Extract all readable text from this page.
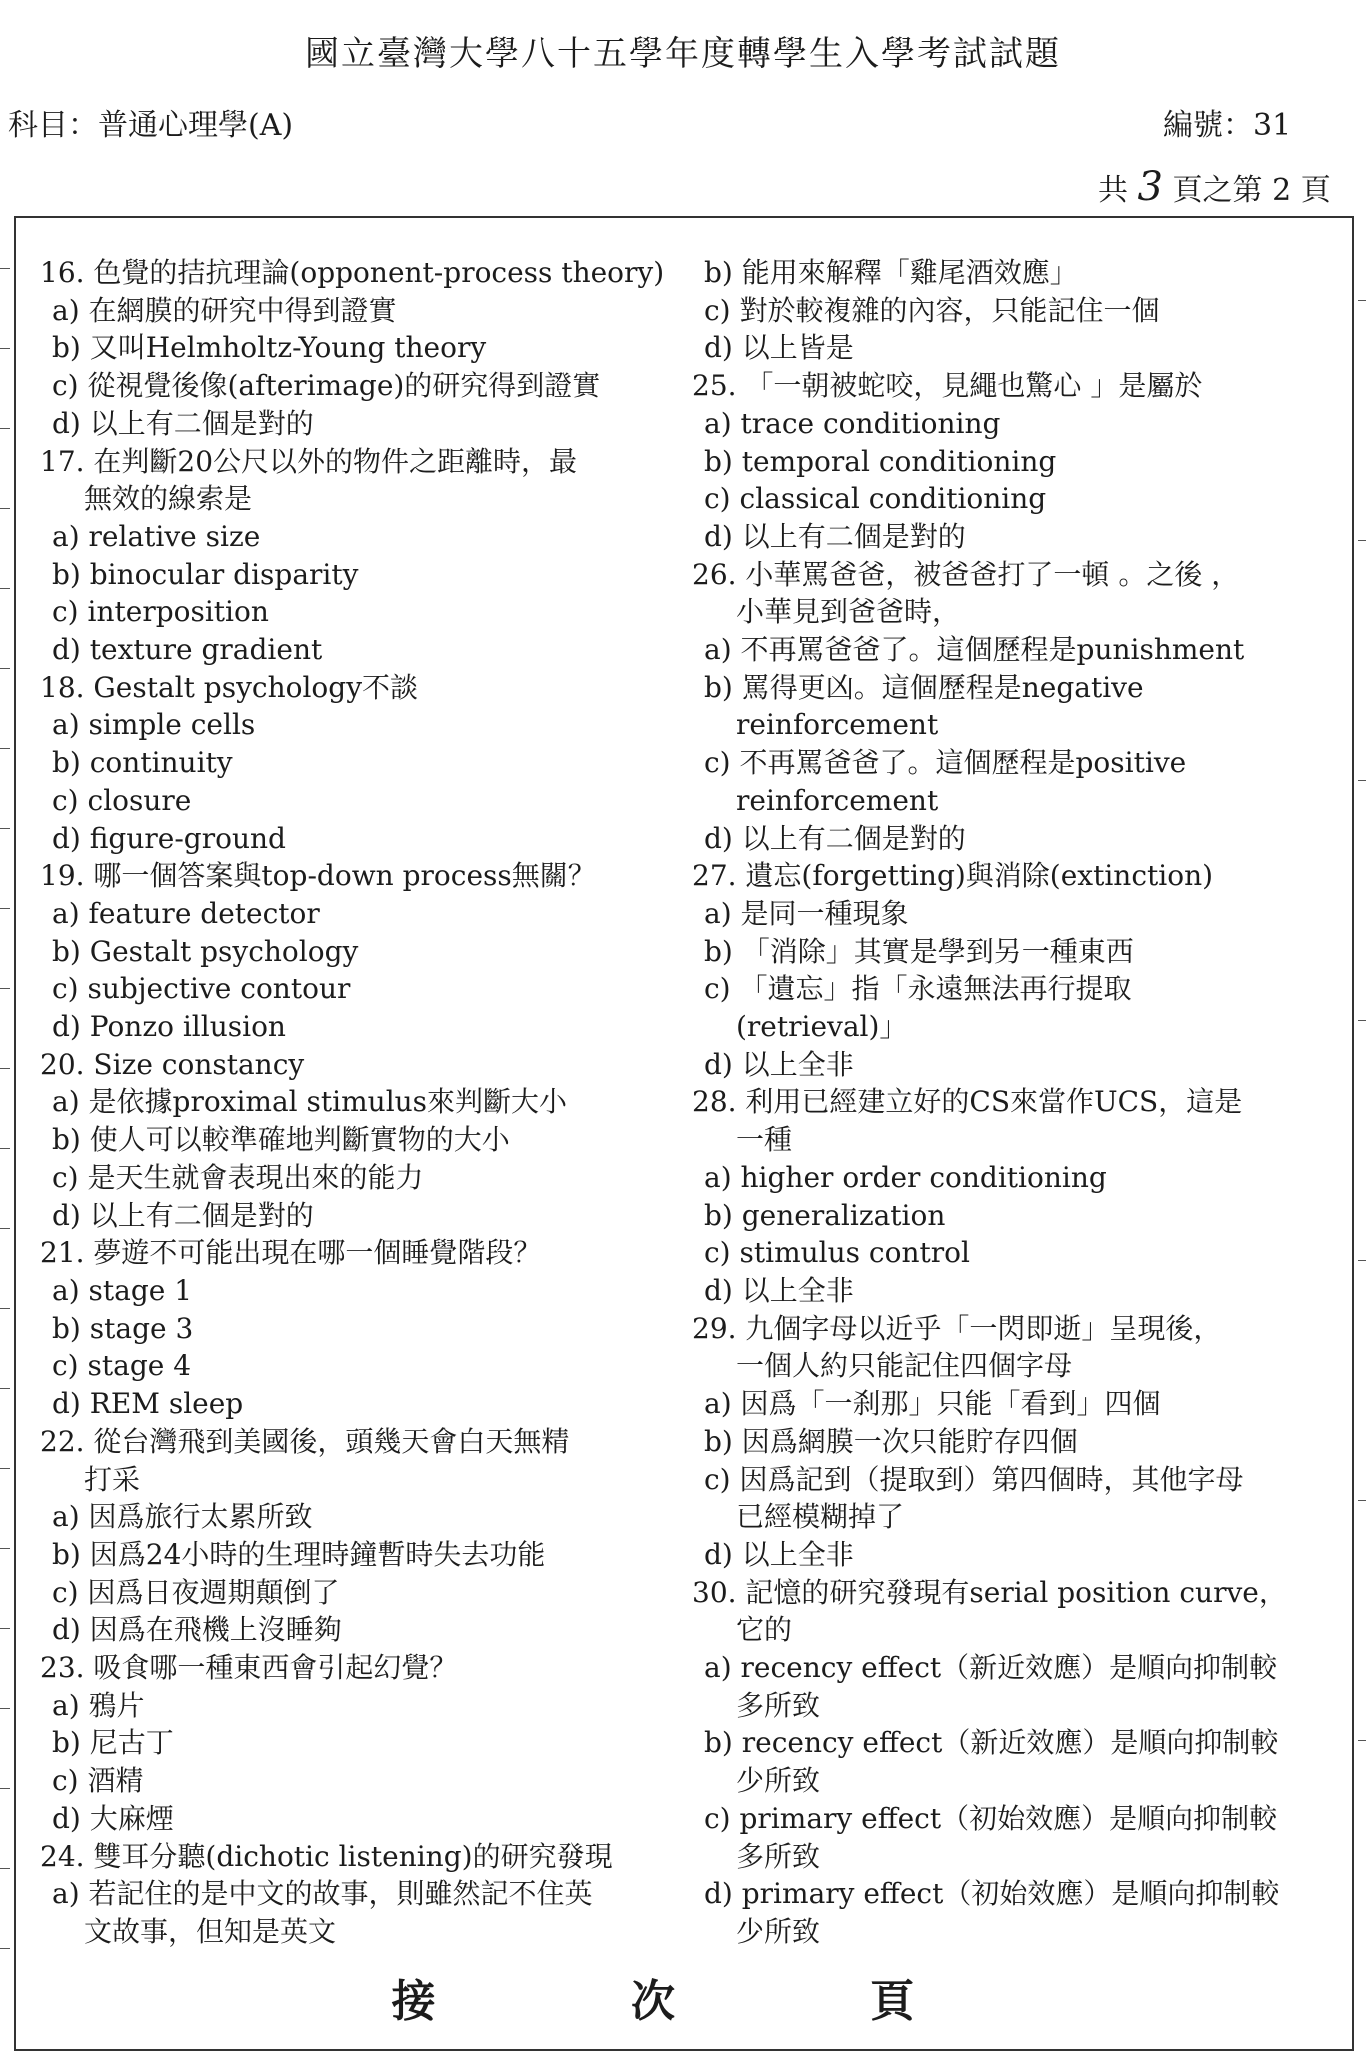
國立臺灣大學八十五學年度轉學生入學考試試題
科目：普通心理學(A)	編號：31
共 3 頁之第 2 頁
16. 色覺的拮抗理論(opponent-process theory)
a) 在網膜的研究中得到證實
b) 又叫Helmholtz-Young theory
c) 從視覺後像(afterimage)的研究得到證實
d) 以上有二個是對的
17. 在判斷20公尺以外的物件之距離時，最
無效的線索是
a) relative size
b) binocular disparity
c) interposition
d) texture gradient
18. Gestalt psychology不談
a) simple cells
b) continuity
c) closure
d) figure-ground
19. 哪一個答案與top-down process無關？
a) feature detector
b) Gestalt psychology
c) subjective contour
d) Ponzo illusion
20. Size constancy
a) 是依據proximal stimulus來判斷大小
b) 使人可以較準確地判斷實物的大小
c) 是天生就會表現出來的能力
d) 以上有二個是對的
21. 夢遊不可能出現在哪一個睡覺階段？
a) stage 1
b) stage 3
c) stage 4
d) REM sleep
22. 從台灣飛到美國後，頭幾天會白天無精
打采
a) 因爲旅行太累所致
b) 因爲24小時的生理時鐘暫時失去功能
c) 因爲日夜週期顛倒了
d) 因爲在飛機上沒睡夠
23. 吸食哪一種東西會引起幻覺？
a) 鴉片
b) 尼古丁
c) 酒精
d) 大麻煙
24. 雙耳分聽(dichotic listening)的研究發現
a) 若記住的是中文的故事，則雖然記不住英
文故事，但知是英文
b) 能用來解釋「雞尾酒效應」
c) 對於較複雜的內容，只能記住一個
d) 以上皆是
25. 「一朝被蛇咬，見繩也驚心 」是屬於
a) trace conditioning
b) temporal conditioning
c) classical conditioning
d) 以上有二個是對的
26. 小華罵爸爸，被爸爸打了一頓 。之後 ，
小華見到爸爸時，
a) 不再罵爸爸了。這個歷程是punishment
b) 罵得更凶。這個歷程是negative
reinforcement
c) 不再罵爸爸了。這個歷程是positive
reinforcement
d) 以上有二個是對的
27. 遺忘(forgetting)與消除(extinction)
a) 是同一種現象
b) 「消除」其實是學到另一種東西
c) 「遺忘」指「永遠無法再行提取
(retrieval)」
d) 以上全非
28. 利用已經建立好的CS來當作UCS，這是
一種
a) higher order conditioning
b) generalization
c) stimulus control
d) 以上全非
29. 九個字母以近乎「一閃即逝」呈現後，
一個人約只能記住四個字母
a) 因爲「一刹那」只能「看到」四個
b) 因爲網膜一次只能貯存四個
c) 因爲記到（提取到）第四個時，其他字母
已經模糊掉了
d) 以上全非
30. 記憶的研究發現有serial position curve，
它的
a) recency effect（新近效應）是順向抑制較
多所致
b) recency effect（新近效應）是順向抑制較
少所致
c) primary effect（初始效應）是順向抑制較
多所致
d) primary effect（初始效應）是順向抑制較
少所致
接 次 頁
